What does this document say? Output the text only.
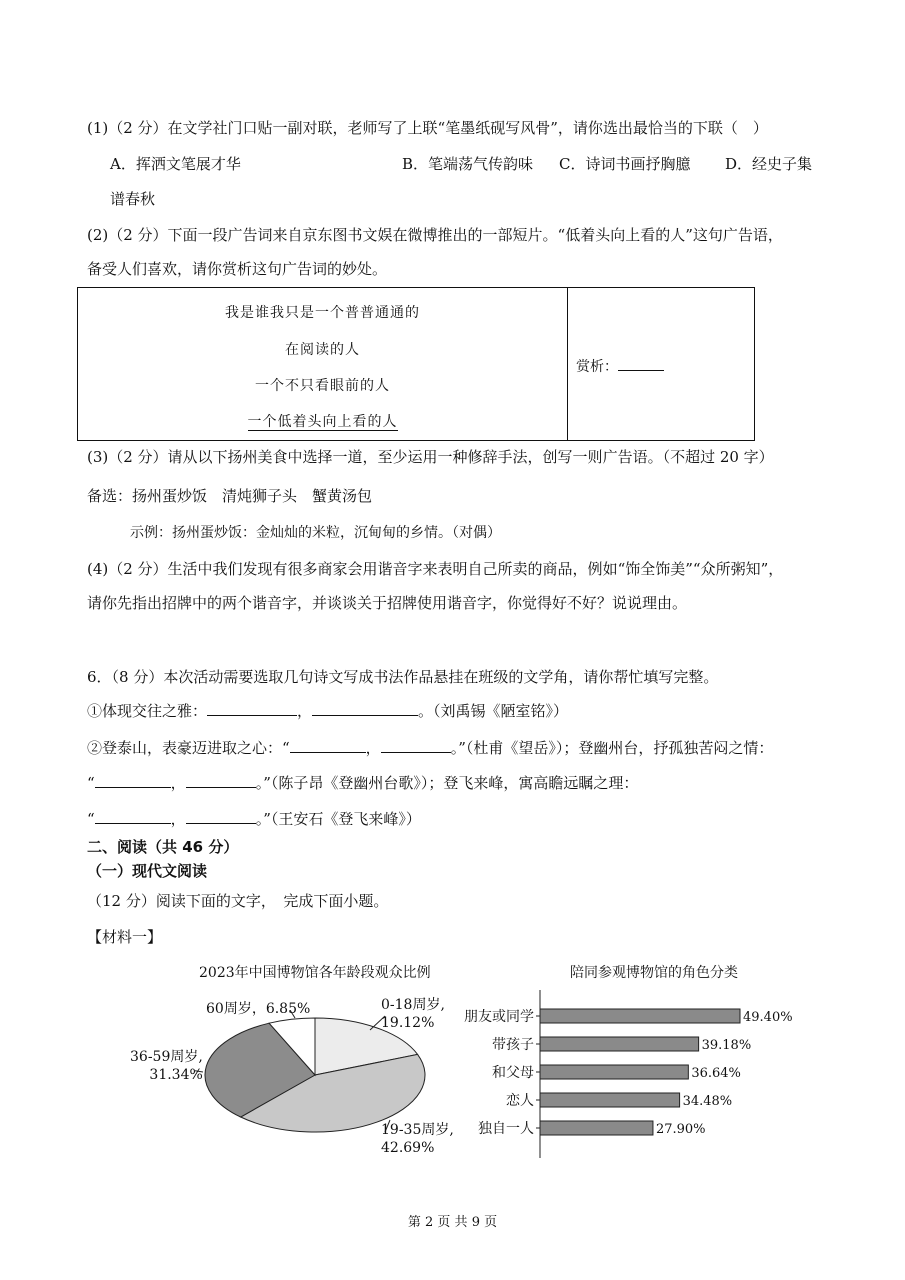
(1)（2 分）在文学社门口贴一副对联，老师写了上联“笔墨纸砚写风骨”，请你选出最恰当的下联（　）
A．挥洒文笔展才华	B．笔端荡气传韵味 C．诗词书画抒胸臆 D．经史子集
谱春秋
(2)（2 分）下面一段广告词来自京东图书文娱在微博推出的一部短片。“低着头向上看的人”这句广告语，
备受人们喜欢，请你赏析这句广告词的妙处。
我是谁我只是一个普普通通的
在阅读的人
一个不只看眼前的人
一个低着头向上看的人
赏析：
(3)（2 分）请从以下扬州美食中选择一道，至少运用一种修辞手法，创写一则广告语。（不超过 20 字）
备选：扬州蛋炒饭　清炖狮子头　蟹黄汤包
示例：扬州蛋炒饭：金灿灿的米粒，沉甸甸的乡情。（对偶）
(4)（2 分）生活中我们发现有很多商家会用谐音字来表明自己所卖的商品，例如“饰全饰美”“众所粥知”，
请你先指出招牌中的两个谐音字，并谈谈关于招牌使用谐音字，你觉得好不好？说说理由。
6．（8 分）本次活动需要选取几句诗文写成书法作品悬挂在班级的文学角，请你帮忙填写完整。
①体现交往之雅：	，	。（刘禹锡《陋室铭》）
②登泰山，表豪迈进取之心：“	，	。”（杜甫《望岳》）；登幽州台，抒孤独苦闷之情：
“	，	。”（陈子昂《登幽州台歌》）；登飞来峰，寓高瞻远瞩之理：
“	，	。”（王安石《登飞来峰》）
二、阅读（共 46 分）
（一）现代文阅读
（12 分）阅读下面的文字，　完成下面小题。
【材料一】
2023年中国博物馆各年龄段观众比例
60周岁，6.85%	0-18周岁,
19.12%
36-59周岁,
31.34%
19-35周岁,
42.69%
陪同参观博物馆的角色分类
朋友或同学	49.40%
带孩子	39.18%
和父母	36.64%
恋人	34.48%
独自一人	27.90%
第 2 页 共 9 页
